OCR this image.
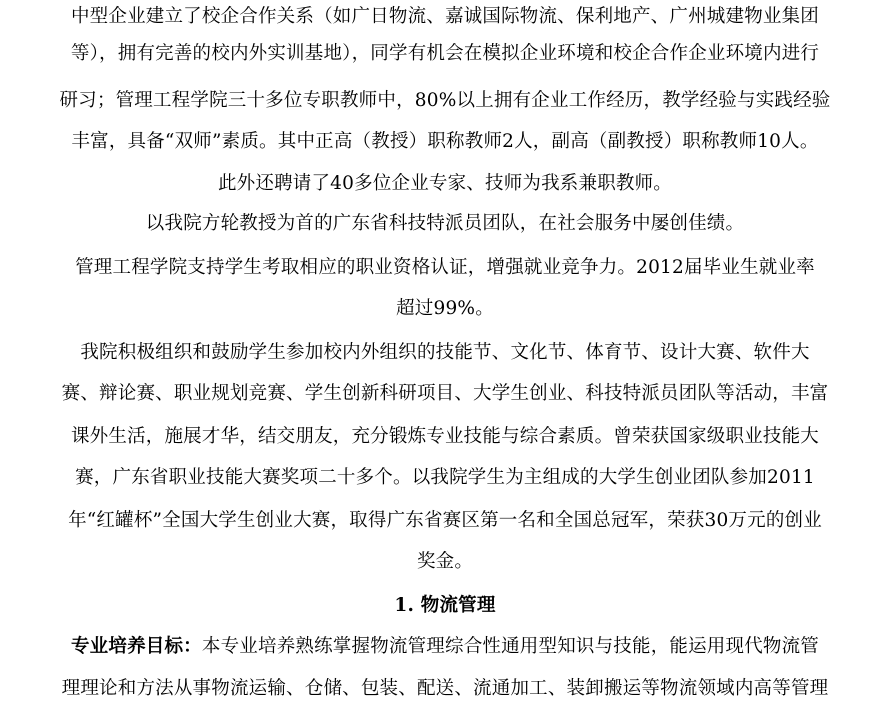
中型企业建立了校企合作关系（如广日物流、嘉诚国际物流、保利地产、广州城建物业集团
等），拥有完善的校内外实训基地），同学有机会在模拟企业环境和校企合作企业环境内进行
研习；管理工程学院三十多位专职教师中，80%以上拥有企业工作经历，教学经验与实践经验
丰富，具备“双师”素质。其中正高（教授）职称教师2人，副高（副教授）职称教师10人。
此外还聘请了40多位企业专家、技师为我系兼职教师。
以我院方轮教授为首的广东省科技特派员团队，在社会服务中屡创佳绩。
管理工程学院支持学生考取相应的职业资格认证，增强就业竞争力。2012届毕业生就业率
超过99%。
我院积极组织和鼓励学生参加校内外组织的技能节、文化节、体育节、设计大赛、软件大
赛、辩论赛、职业规划竞赛、学生创新科研项目、大学生创业、科技特派员团队等活动，丰富
课外生活，施展才华，结交朋友，充分锻炼专业技能与综合素质。曾荣获国家级职业技能大
赛，广东省职业技能大赛奖项二十多个。以我院学生为主组成的大学生创业团队参加2011
年“红罐杯”全国大学生创业大赛，取得广东省赛区第一名和全国总冠军，荣获30万元的创业
奖金。
1. 物流管理
专业培养目标：本专业培养熟练掌握物流管理综合性通用型知识与技能，能运用现代物流管
理理论和方法从事物流运输、仓储、包装、配送、流通加工、装卸搬运等物流领域内高等管理
